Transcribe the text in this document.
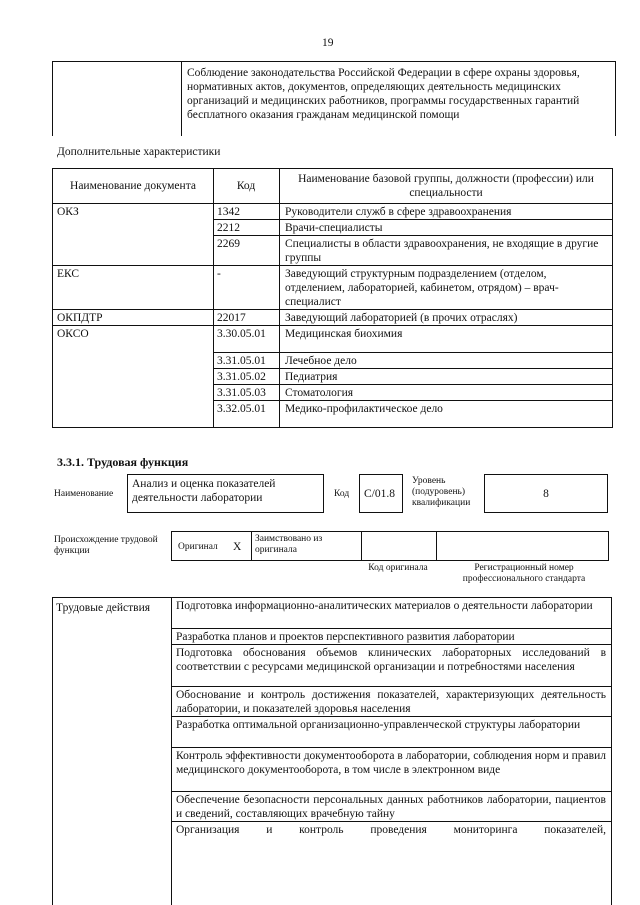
19
Соблюдение законодательства Российской Федерации в сфере охраны здоровья, нормативных актов, документов, определяющих деятельность медицинских организаций и медицинских работников, программы государственных гарантий бесплатного оказания гражданам медицинской помощи
Дополнительные характеристики
Наименование документа	Код
Наименование базовой группы, должности (профессии) или специальности
ОКЗ	1342	Руководители служб в сфере здравоохранения
2212	Врачи-специалисты
2269	Специалисты в области здравоохранения, не входящие в другие группы
ЕКС	-	Заведующий структурным подразделением (отделом, отделением, лабораторией, кабинетом, отрядом) – врач-специалист
ОКПДТР	22017	Заведующий лабораторией (в прочих отраслях)
ОКСО	3.30.05.01 Медицинская биохимия
3.31.05.01 Лечебное дело
3.31.05.02 Педиатрия
3.31.05.03 Стоматология
3.32.05.01 Медико-профилактическое дело
3.3.1. Трудовая функция
Наименование
Анализ и оценка показателей деятельности лаборатории	Код С/01.8
Уровень (подуровень) квалификации
8
Происхождение трудовой функции	Оригинал Х
Заимствовано из оригинала
Код оригинала	Регистрационный номер профессионального стандарта
Трудовые действия Подготовка информационно-аналитических материалов о деятельности лаборатории
Разработка планов и проектов перспективного развития лаборатории
Подготовка обоснования объемов клинических лабораторных исследований в соответствии с ресурсами медицинской организации и потребностями населения
Обоснование и контроль достижения показателей, характеризующих деятельность лаборатории, и показателей здоровья населения
Разработка оптимальной организационно-управленческой структуры лаборатории
Контроль эффективности документооборота в лаборатории, соблюдения норм и правил медицинского документооборота, в том числе в электронном виде
Обеспечение безопасности персональных данных работников лаборатории, пациентов и сведений, составляющих врачебную тайну
Организация и контроль проведения мониторинга показателей,
